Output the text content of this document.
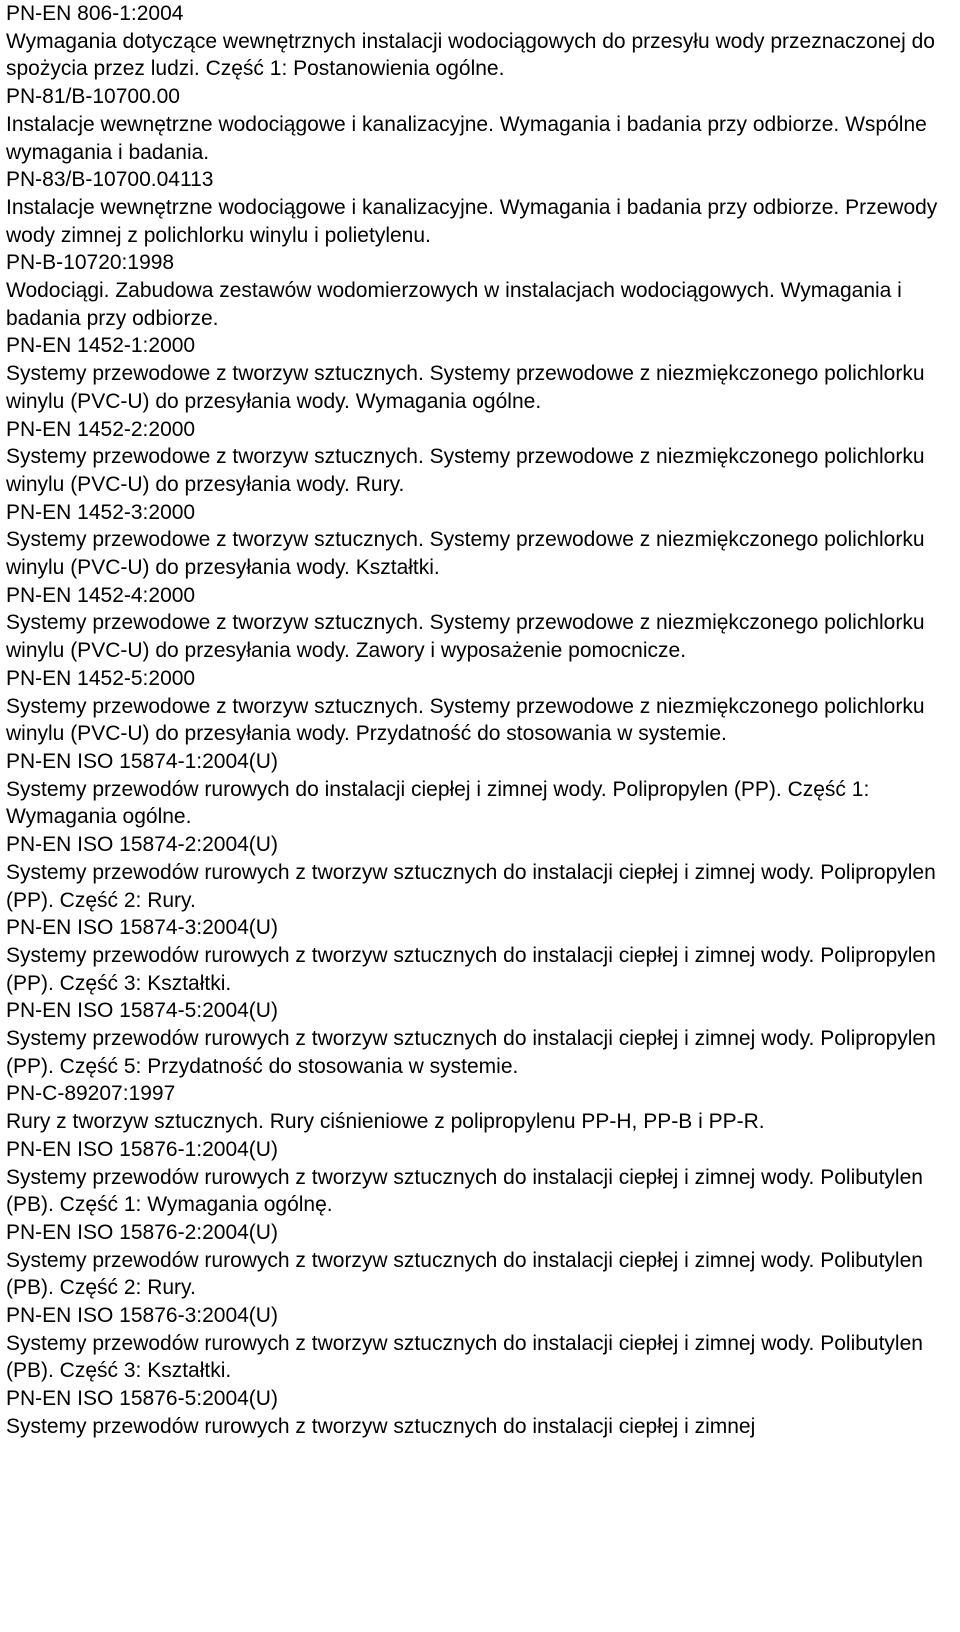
PN-EN 806-1:2004
Wymagania dotyczące wewnętrznych instalacji wodociągowych do przesyłu wody przeznaczonej do spożycia przez ludzi. Część 1: Postanowienia ogólne.
PN-81/B-10700.00
Instalacje wewnętrzne wodociągowe i kanalizacyjne. Wymagania i badania przy odbiorze. Wspólne wymagania i badania.
PN-83/B-10700.04113
Instalacje wewnętrzne wodociągowe i kanalizacyjne. Wymagania i badania przy odbiorze. Przewody wody zimnej z polichlorku winylu i polietylenu.
PN-B-10720:1998
Wodociągi. Zabudowa zestawów wodomierzowych w instalacjach wodociągowych. Wymagania i badania przy odbiorze.
PN-EN 1452-1:2000
Systemy przewodowe z tworzyw sztucznych. Systemy przewodowe z niezmiękczonego polichlorku winylu (PVC-U) do przesyłania wody. Wymagania ogólne.
PN-EN 1452-2:2000
Systemy przewodowe z tworzyw sztucznych. Systemy przewodowe z niezmiękczonego polichlorku winylu (PVC-U) do przesyłania wody. Rury.
PN-EN 1452-3:2000
Systemy przewodowe z tworzyw sztucznych. Systemy przewodowe z niezmiękczonego polichlorku winylu (PVC-U) do przesyłania wody. Kształtki.
PN-EN 1452-4:2000
Systemy przewodowe z tworzyw sztucznych. Systemy przewodowe z niezmiękczonego polichlorku winylu (PVC-U) do przesyłania wody. Zawory i wyposażenie pomocnicze.
PN-EN 1452-5:2000
Systemy przewodowe z tworzyw sztucznych. Systemy przewodowe z niezmiękczonego polichlorku winylu (PVC-U) do przesyłania wody. Przydatność do stosowania w systemie.
PN-EN ISO 15874-1:2004(U)
Systemy przewodów rurowych do instalacji ciepłej i zimnej wody. Polipropylen (PP). Część 1: Wymagania ogólne.
PN-EN ISO 15874-2:2004(U)
Systemy przewodów rurowych z tworzyw sztucznych do instalacji ciepłej i zimnej wody. Polipropylen (PP). Część 2: Rury.
PN-EN ISO 15874-3:2004(U)
Systemy przewodów rurowych z tworzyw sztucznych do instalacji ciepłej i zimnej wody. Polipropylen (PP). Część 3: Kształtki.
PN-EN ISO 15874-5:2004(U)
Systemy przewodów rurowych z tworzyw sztucznych do instalacji ciepłej i zimnej wody. Polipropylen (PP). Część 5: Przydatność do stosowania w systemie.
PN-C-89207:1997
Rury z tworzyw sztucznych. Rury ciśnieniowe z polipropylenu PP-H, PP-B i PP-R.
PN-EN ISO 15876-1:2004(U)
Systemy przewodów rurowych z tworzyw sztucznych do instalacji ciepłej i zimnej wody. Polibutylen (PB). Część 1: Wymagania ogólnę.
PN-EN ISO 15876-2:2004(U)
Systemy przewodów rurowych z tworzyw sztucznych do instalacji ciepłej i zimnej wody. Polibutylen (PB). Część 2: Rury.
PN-EN ISO 15876-3:2004(U)
Systemy przewodów rurowych z tworzyw sztucznych do instalacji ciepłej i zimnej wody. Polibutylen (PB). Część 3: Kształtki.
PN-EN ISO 15876-5:2004(U)
Systemy przewodów rurowych z tworzyw sztucznych do instalacji ciepłej i zimnej
